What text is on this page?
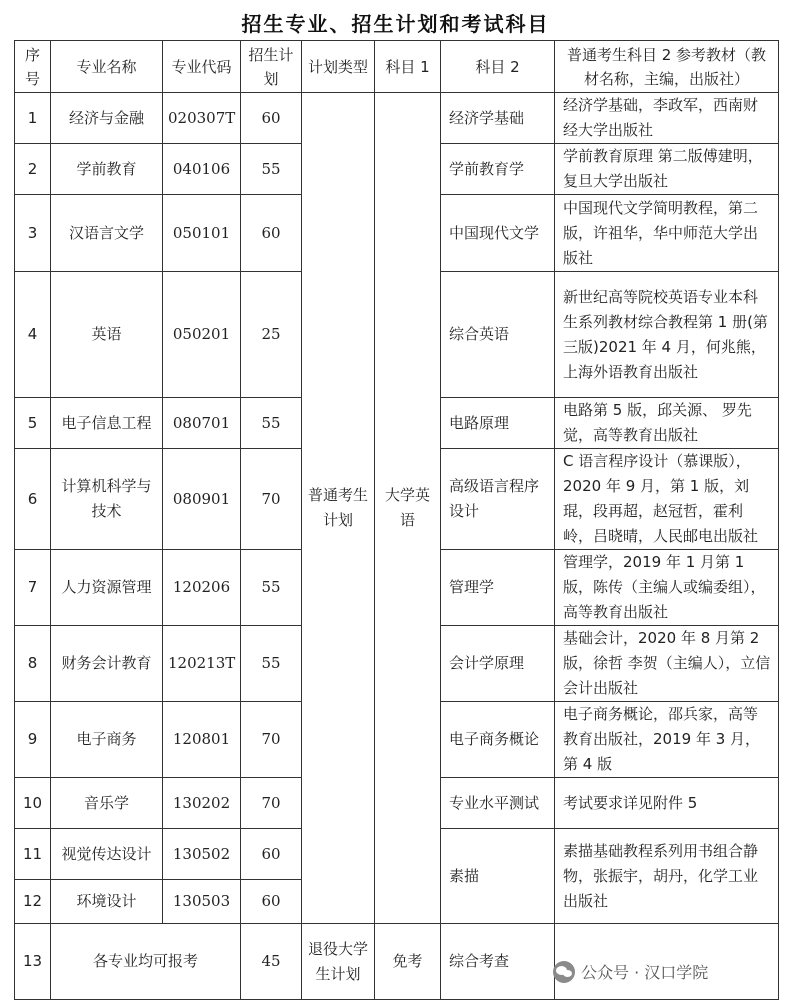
招生专业、招生计划和考试科目
序号	专业名称	专业代码	招生计划	计划类型	科目 1	科目 2	普通考生科目 2 参考教材（教材名称，主编，出版社）
1	经济与金融	020307T	60	普通考生计划	大学英语	经济学基础	经济学基础，李政军，西南财经大学出版社
2	学前教育	040106	55			学前教育学	学前教育原理 第二版傅建明，复旦大学出版社
3	汉语言文学	050101	60			中国现代文学	中国现代文学简明教程，第二版，许祖华，华中师范大学出版社
4	英语	050201	25			综合英语	新世纪高等院校英语专业本科生系列教材综合教程第 1 册(第三版)2021 年 4 月，何兆熊，上海外语教育出版社
5	电子信息工程	080701	55			电路原理	电路第 5 版，邱关源、 罗先觉，高等教育出版社
6	计算机科学与技术	080901	70			高级语言程序设计	C 语言程序设计（慕课版），2020 年 9 月，第 1 版，刘琨，段再超，赵冠哲，霍利岭，吕晓晴，人民邮电出版社
7	人力资源管理	120206	55			管理学	管理学，2019 年 1 月第 1 版，陈传（主编人或编委组），高等教育出版社
8	财务会计教育	120213T	55			会计学原理	基础会计，2020 年 8 月第 2 版，徐哲 李贺（主编人），立信会计出版社
9	电子商务	120801	70			电子商务概论	电子商务概论，邵兵家，高等教育出版社，2019 年 3 月，第 4 版
10	音乐学	130202	70			专业水平测试	考试要求详见附件 5
11	视觉传达设计	130502	60			素描	素描基础教程系列用书组合静物，张振宇，胡丹，化学工业出版社
12	环境设计	130503	60				
13	各专业均可报考		45	退役大学生计划	免考	综合考查	
公众号 · 汉口学院
